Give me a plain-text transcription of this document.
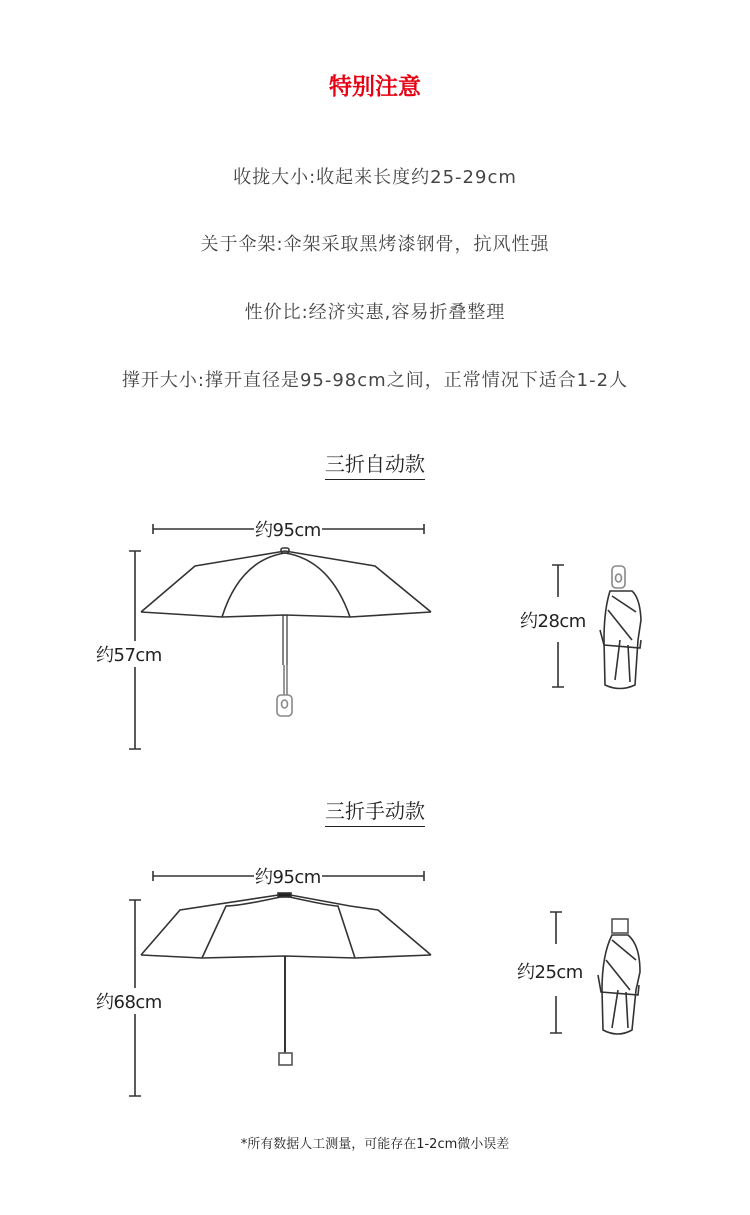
特别注意
收拢大小:收起来长度约25-29cm
关于伞架:伞架采取黑烤漆钢骨，抗风性强
性价比:经济实惠,容易折叠整理
撑开大小:撑开直径是95-98cm之间，正常情况下适合1-2人
三折自动款
约95cm
约57cm
约28cm
三折手动款
约95cm
约68cm
约25cm
*所有数据人工测量，可能存在1-2cm微小误差
